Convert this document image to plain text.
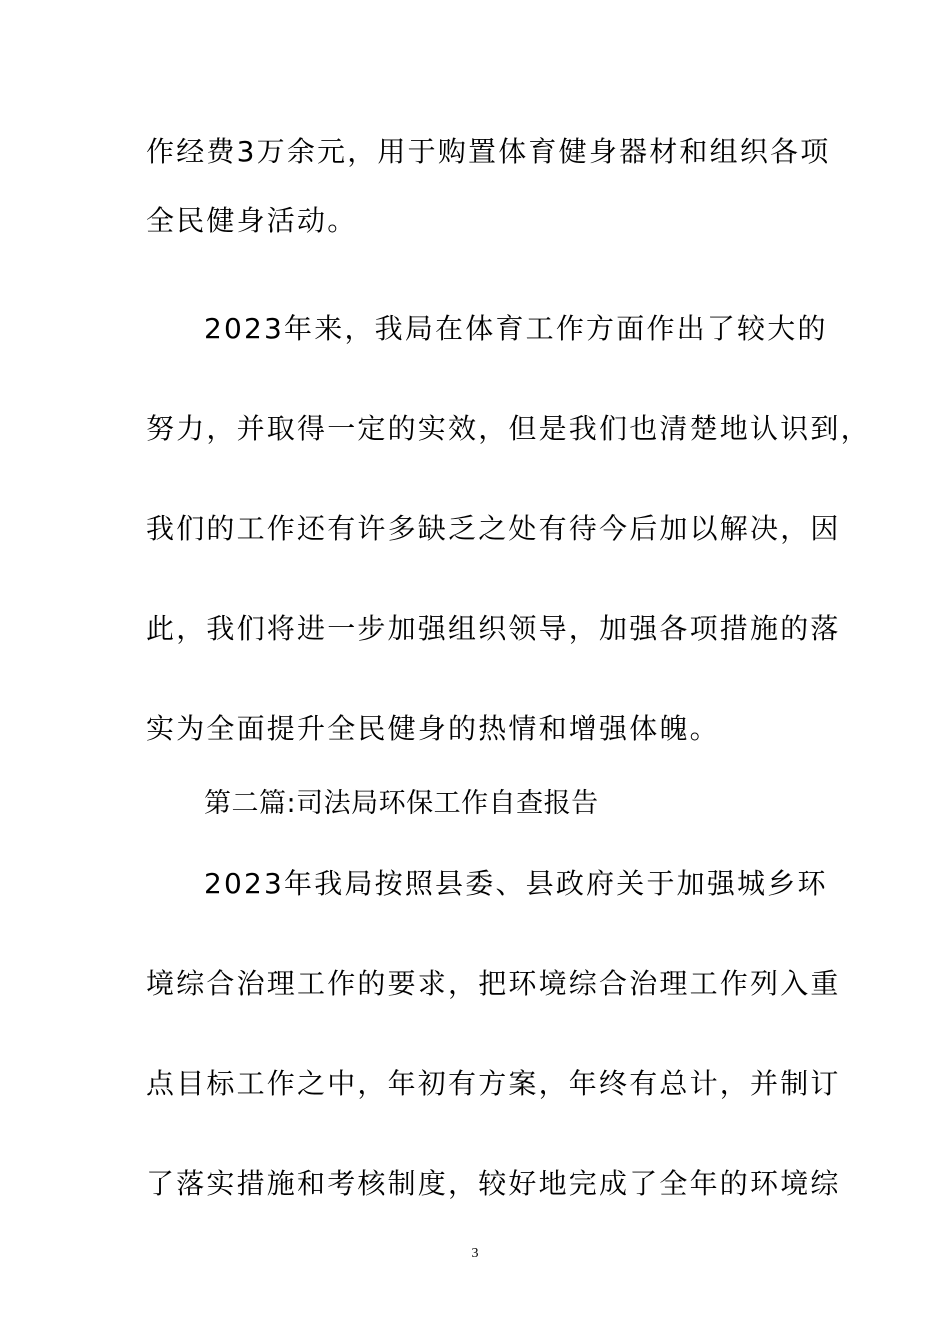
作经费3万余元，用于购置体育健身器材和组织各项
全民健身活动。
2023年来，我局在体育工作方面作出了较大的
努力，并取得一定的实效，但是我们也清楚地认识到，
我们的工作还有许多缺乏之处有待今后加以解决，因
此，我们将进一步加强组织领导，加强各项措施的落
实为全面提升全民健身的热情和增强体魄。
第二篇:司法局环保工作自查报告
2023年我局按照县委、县政府关于加强城乡环
境综合治理工作的要求，把环境综合治理工作列入重
点目标工作之中，年初有方案，年终有总计，并制订
了落实措施和考核制度，较好地完成了全年的环境综
3
